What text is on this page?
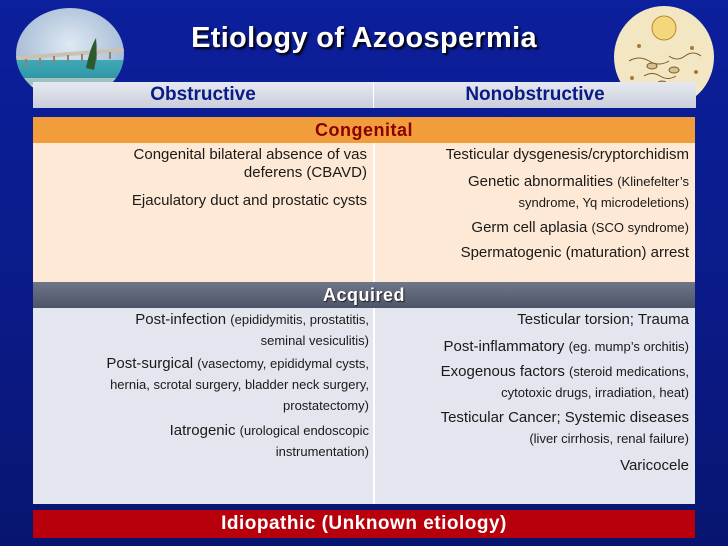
Etiology of Azoospermia
Obstructive	Nonobstructive
Congenital
Congenital bilateral absence of vas
deferens (CBAVD)
Ejaculatory duct and prostatic cysts
Testicular dysgenesis/cryptorchidism
Genetic abnormalities (Klinefelter’s
syndrome, Yq microdeletions)
Germ cell aplasia (SCO syndrome)
Spermatogenic (maturation) arrest
Acquired
Post-infection (epididymitis, prostatitis,
seminal vesiculitis)
Post-surgical (vasectomy, epididymal cysts,
hernia, scrotal surgery, bladder neck surgery,
prostatectomy)
Iatrogenic (urological endoscopic
instrumentation)
Testicular torsion; Trauma
Post-inflammatory (eg. mump’s orchitis)
Exogenous factors (steroid medications,
cytotoxic drugs, irradiation, heat)
Testicular Cancer; Systemic diseases
(liver cirrhosis, renal failure)
Varicocele
Idiopathic (Unknown etiology)
